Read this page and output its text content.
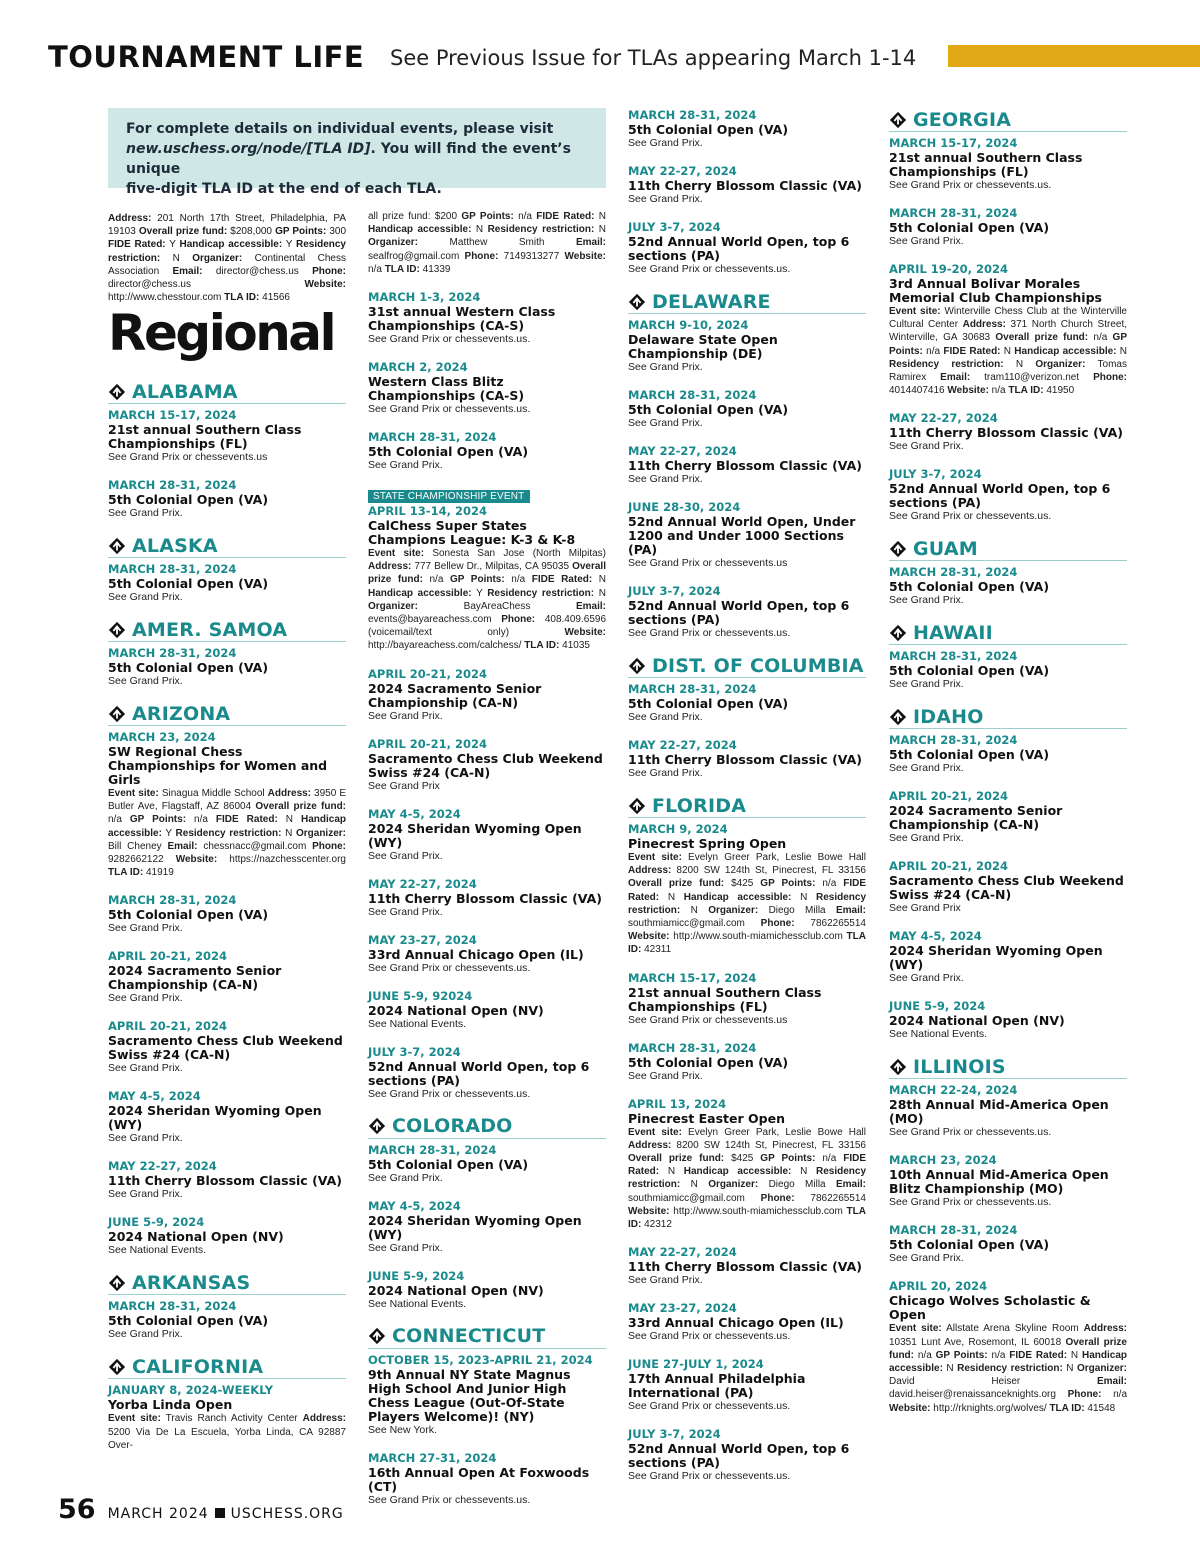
TOURNAMENT LIFE See Previous Issue for TLAs appearing March 1-14
For complete details on individual events, please visit
new.uschess.org/node/[TLA ID]. You will find the event’s unique
five-digit TLA ID at the end of each TLA.
Address: 201 North 17th Street, Philadelphia, PA 19103 Overall prize fund: $208,000 GP Points: 300 FIDE Rated: Y Handicap accessible: Y Residency restriction: N Organizer: Continental Chess Association Email: director@chess.us Phone: director@chess.us Website: http://www.chesstour.com TLA ID: 41566
Regional
ALABAMA
MARCH 15-17, 2024
21st annual Southern Class Championships (FL)
See Grand Prix or chessevents.us
MARCH 28-31, 2024
5th Colonial Open (VA)
See Grand Prix.
ALASKA
MARCH 28-31, 2024
5th Colonial Open (VA)
See Grand Prix.
AMER. SAMOA
MARCH 28-31, 2024
5th Colonial Open (VA)
See Grand Prix.
ARIZONA
MARCH 23, 2024
SW Regional Chess Championships for Women and Girls
Event site: Sinagua Middle School Address: 3950 E Butler Ave, Flagstaff, AZ 86004 Overall prize fund: n/a GP Points: n/a FIDE Rated: N Handicap accessible: Y Residency restriction: N Organizer: Bill Cheney Email: chessnacc@gmail.com Phone: 9282662122 Website: https://nazchesscenter.org TLA ID: 41919
MARCH 28-31, 2024
5th Colonial Open (VA)
See Grand Prix.
APRIL 20-21, 2024
2024 Sacramento Senior Championship (CA-N)
See Grand Prix.
APRIL 20-21, 2024
Sacramento Chess Club Weekend Swiss #24 (CA-N)
See Grand Prix.
MAY 4-5, 2024
2024 Sheridan Wyoming Open (WY)
See Grand Prix.
MAY 22-27, 2024
11th Cherry Blossom Classic (VA)
See Grand Prix.
JUNE 5-9, 2024
2024 National Open (NV)
See National Events.
ARKANSAS
MARCH 28-31, 2024
5th Colonial Open (VA)
See Grand Prix.
CALIFORNIA
JANUARY 8, 2024-WEEKLY
Yorba Linda Open
Event site: Travis Ranch Activity Center Address: 5200 Via De La Escuela, Yorba Linda, CA 92887 Over-
all prize fund: $200 GP Points: n/a FIDE Rated: N Handicap accessible: N Residency restriction: N Organizer: Matthew Smith Email: sealfrog@gmail.com Phone: 7149313277 Website: n/a TLA ID: 41339
MARCH 1-3, 2024
31st annual Western Class Championships (CA-S)
See Grand Prix or chessevents.us.
MARCH 2, 2024
Western Class Blitz Championships (CA-S)
See Grand Prix or chessevents.us.
MARCH 28-31, 2024
5th Colonial Open (VA)
See Grand Prix.
STATE CHAMPIONSHIP EVENT
APRIL 13-14, 2024
CalChess Super States Champions League: K-3 & K-8
Event site: Sonesta San Jose (North Milpitas) Address: 777 Bellew Dr., Milpitas, CA 95035 Overall prize fund: n/a GP Points: n/a FIDE Rated: N Handicap accessible: Y Residency restriction: N Organizer: BayAreaChess Email: events@bayareachess.com Phone: 408.409.6596 (voicemail/text only) Website: http://bayareachess.com/calchess/ TLA ID: 41035
APRIL 20-21, 2024
2024 Sacramento Senior Championship (CA-N)
See Grand Prix.
APRIL 20-21, 2024
Sacramento Chess Club Weekend Swiss #24 (CA-N)
See Grand Prix
MAY 4-5, 2024
2024 Sheridan Wyoming Open (WY)
See Grand Prix.
MAY 22-27, 2024
11th Cherry Blossom Classic (VA)
See Grand Prix.
MAY 23-27, 2024
33rd Annual Chicago Open (IL)
See Grand Prix or chessevents.us.
JUNE 5-9, 92024
2024 National Open (NV)
See National Events.
JULY 3-7, 2024
52nd Annual World Open, top 6 sections (PA)
See Grand Prix or chessevents.us.
COLORADO
MARCH 28-31, 2024
5th Colonial Open (VA)
See Grand Prix.
MAY 4-5, 2024
2024 Sheridan Wyoming Open (WY)
See Grand Prix.
JUNE 5-9, 2024
2024 National Open (NV)
See National Events.
CONNECTICUT
OCTOBER 15, 2023-APRIL 21, 2024
9th Annual NY State Magnus High School And Junior High Chess League (Out-Of-State Players Welcome)! (NY)
See New York.
MARCH 27-31, 2024
16th Annual Open At Foxwoods (CT)
See Grand Prix or chessevents.us.
MARCH 28-31, 2024
5th Colonial Open (VA)
See Grand Prix.
MAY 22-27, 2024
11th Cherry Blossom Classic (VA)
See Grand Prix.
JULY 3-7, 2024
52nd Annual World Open, top 6 sections (PA)
See Grand Prix or chessevents.us.
DELAWARE
MARCH 9-10, 2024
Delaware State Open Championship (DE)
See Grand Prix.
MARCH 28-31, 2024
5th Colonial Open (VA)
See Grand Prix.
MAY 22-27, 2024
11th Cherry Blossom Classic (VA)
See Grand Prix.
JUNE 28-30, 2024
52nd Annual World Open, Under 1200 and Under 1000 Sections (PA)
See Grand Prix or chessevents.us
JULY 3-7, 2024
52nd Annual World Open, top 6 sections (PA)
See Grand Prix or chessevents.us.
DIST. OF COLUMBIA
MARCH 28-31, 2024
5th Colonial Open (VA)
See Grand Prix.
MAY 22-27, 2024
11th Cherry Blossom Classic (VA)
See Grand Prix.
FLORIDA
MARCH 9, 2024
Pinecrest Spring Open
Event site: Evelyn Greer Park, Leslie Bowe Hall Address: 8200 SW 124th St, Pinecrest, FL 33156 Overall prize fund: $425 GP Points: n/a FIDE Rated: N Handicap accessible: N Residency restriction: N Organizer: Diego Milla Email: southmiamicc@gmail.com Phone: 7862265514 Website: http://www.south-miamichessclub.com TLA ID: 42311
MARCH 15-17, 2024
21st annual Southern Class Championships (FL)
See Grand Prix or chessevents.us
MARCH 28-31, 2024
5th Colonial Open (VA)
See Grand Prix.
APRIL 13, 2024
Pinecrest Easter Open
Event site: Evelyn Greer Park, Leslie Bowe Hall Address: 8200 SW 124th St, Pinecrest, FL 33156 Overall prize fund: $425 GP Points: n/a FIDE Rated: N Handicap accessible: N Residency restriction: N Organizer: Diego Milla Email: southmiamicc@gmail.com Phone: 7862265514 Website: http://www.south-miamichessclub.com TLA ID: 42312
MAY 22-27, 2024
11th Cherry Blossom Classic (VA)
See Grand Prix.
MAY 23-27, 2024
33rd Annual Chicago Open (IL)
See Grand Prix or chessevents.us.
JUNE 27-JULY 1, 2024
17th Annual Philadelphia International (PA)
See Grand Prix or chessevents.us.
JULY 3-7, 2024
52nd Annual World Open, top 6 sections (PA)
See Grand Prix or chessevents.us.
GEORGIA
MARCH 15-17, 2024
21st annual Southern Class Championships (FL)
See Grand Prix or chessevents.us.
MARCH 28-31, 2024
5th Colonial Open (VA)
See Grand Prix.
APRIL 19-20, 2024
3rd Annual Bolivar Morales Memorial Club Championships
Event site: Winterville Chess Club at the Winterville Cultural Center Address: 371 North Church Street, Winterville, GA 30683 Overall prize fund: n/a GP Points: n/a FIDE Rated: N Handicap accessible: N Residency restriction: N Organizer: Tomas Ramirex Email: tram110@verizon.net Phone: 4014407416 Website: n/a TLA ID: 41950
MAY 22-27, 2024
11th Cherry Blossom Classic (VA)
See Grand Prix.
JULY 3-7, 2024
52nd Annual World Open, top 6 sections (PA)
See Grand Prix or chessevents.us.
GUAM
MARCH 28-31, 2024
5th Colonial Open (VA)
See Grand Prix.
HAWAII
MARCH 28-31, 2024
5th Colonial Open (VA)
See Grand Prix.
IDAHO
MARCH 28-31, 2024
5th Colonial Open (VA)
See Grand Prix.
APRIL 20-21, 2024
2024 Sacramento Senior Championship (CA-N)
See Grand Prix.
APRIL 20-21, 2024
Sacramento Chess Club Weekend Swiss #24 (CA-N)
See Grand Prix
MAY 4-5, 2024
2024 Sheridan Wyoming Open (WY)
See Grand Prix.
JUNE 5-9, 2024
2024 National Open (NV)
See National Events.
ILLINOIS
MARCH 22-24, 2024
28th Annual Mid-America Open (MO)
See Grand Prix or chessevents.us.
MARCH 23, 2024
10th Annual Mid-America Open Blitz Championship (MO)
See Grand Prix or chessevents.us.
MARCH 28-31, 2024
5th Colonial Open (VA)
See Grand Prix.
APRIL 20, 2024
Chicago Wolves Scholastic & Open
Event site: Allstate Arena Skyline Room Address: 10351 Lunt Ave, Rosemont, IL 60018 Overall prize fund: n/a GP Points: n/a FIDE Rated: N Handicap accessible: N Residency restriction: N Organizer: David Heiser Email: david.heiser@renaissanceknights.org Phone: n/a Website: http://rknights.org/wolves/ TLA ID: 41548
56 MARCH 2024 USCHESS.ORG
